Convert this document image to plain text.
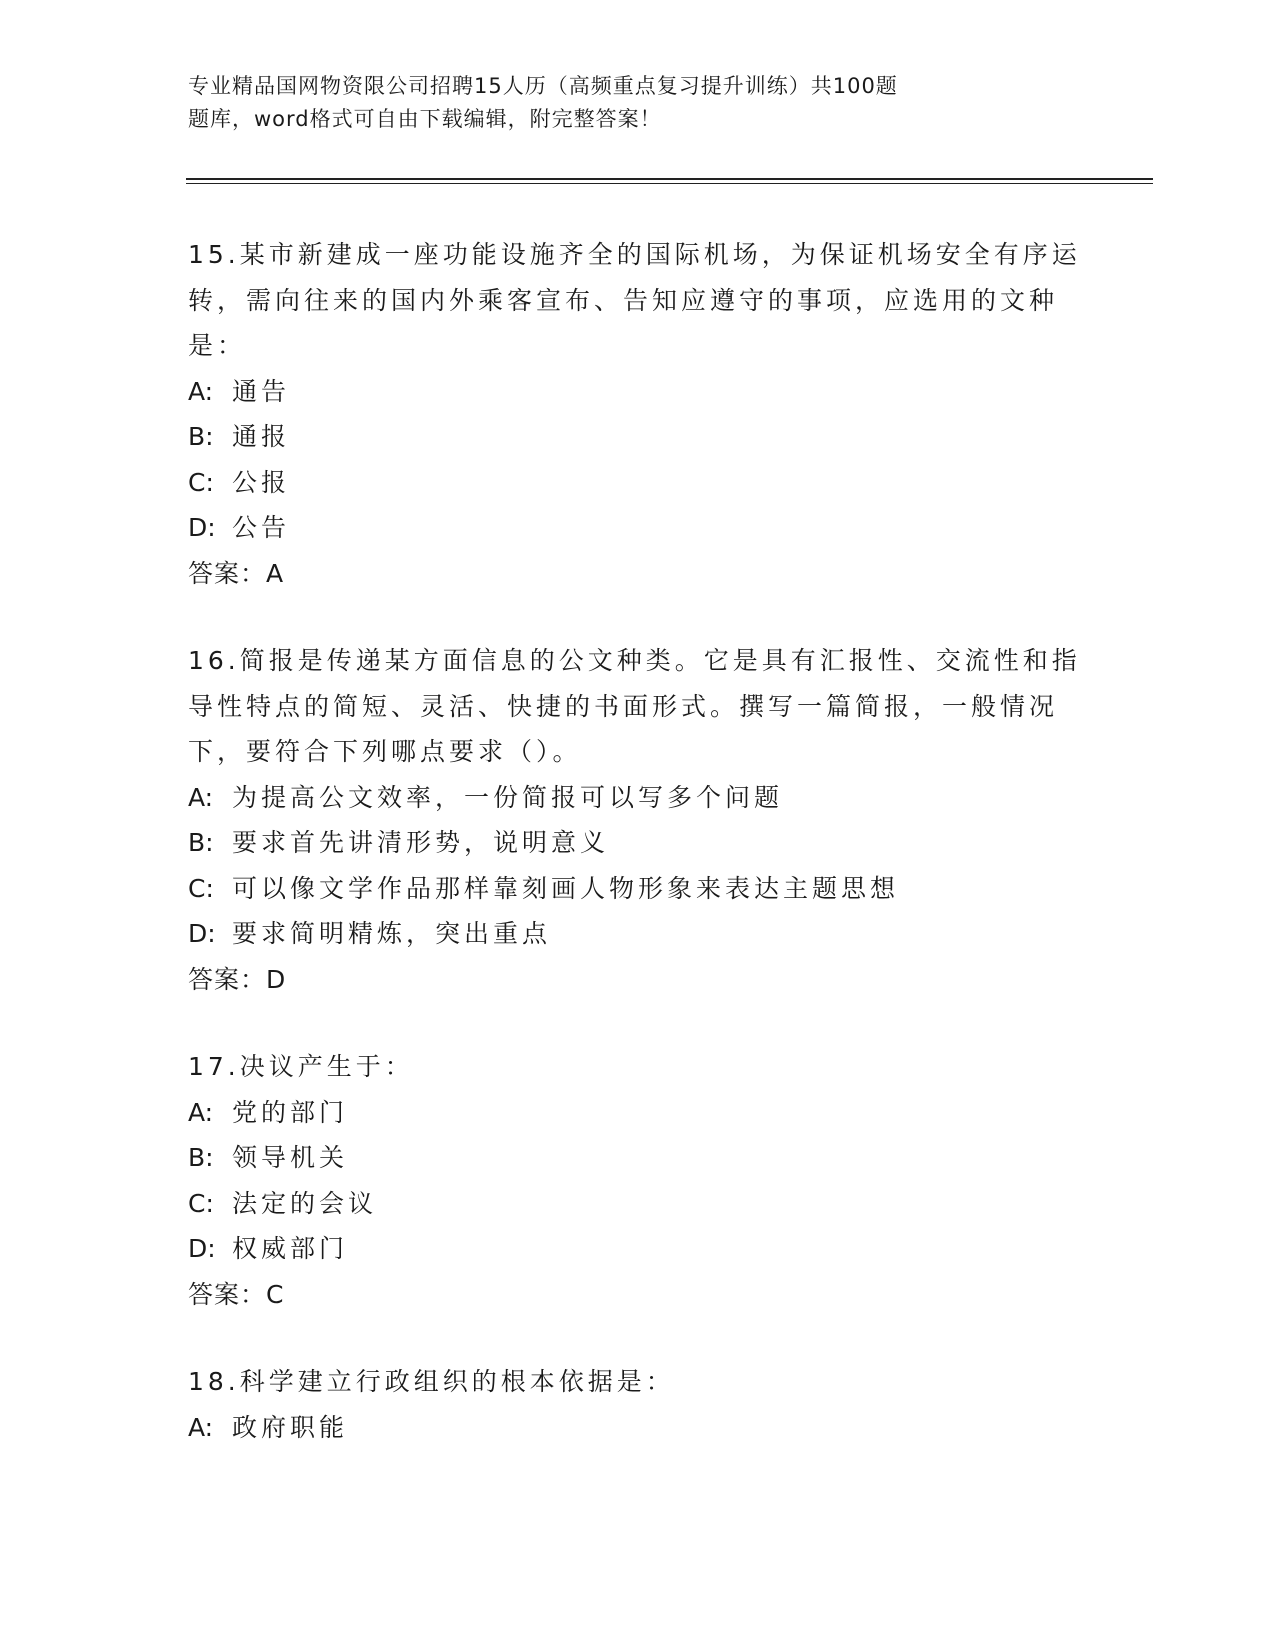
专业精品国网物资限公司招聘15人历（高频重点复习提升训练）共100题

题库，word格式可自由下载编辑，附完整答案！

15.某市新建成一座功能设施齐全的国际机场，为保证机场安全有序运

转，需向往来的国内外乘客宣布、告知应遵守的事项，应选用的文种

是：

A: 通告

B: 通报

C: 公报

D: 公告

答案：A

16.简报是传递某方面信息的公文种类。它是具有汇报性、交流性和指

导性特点的简短、灵活、快捷的书面形式。撰写一篇简报，一般情况

下，要符合下列哪点要求（）。

A: 为提高公文效率，一份简报可以写多个问题

B: 要求首先讲清形势，说明意义

C: 可以像文学作品那样靠刻画人物形象来表达主题思想

D: 要求简明精炼，突出重点

答案：D

17.决议产生于：

A: 党的部门

B: 领导机关

C: 法定的会议

D: 权威部门

答案：C

18.科学建立行政组织的根本依据是：

A: 政府职能
